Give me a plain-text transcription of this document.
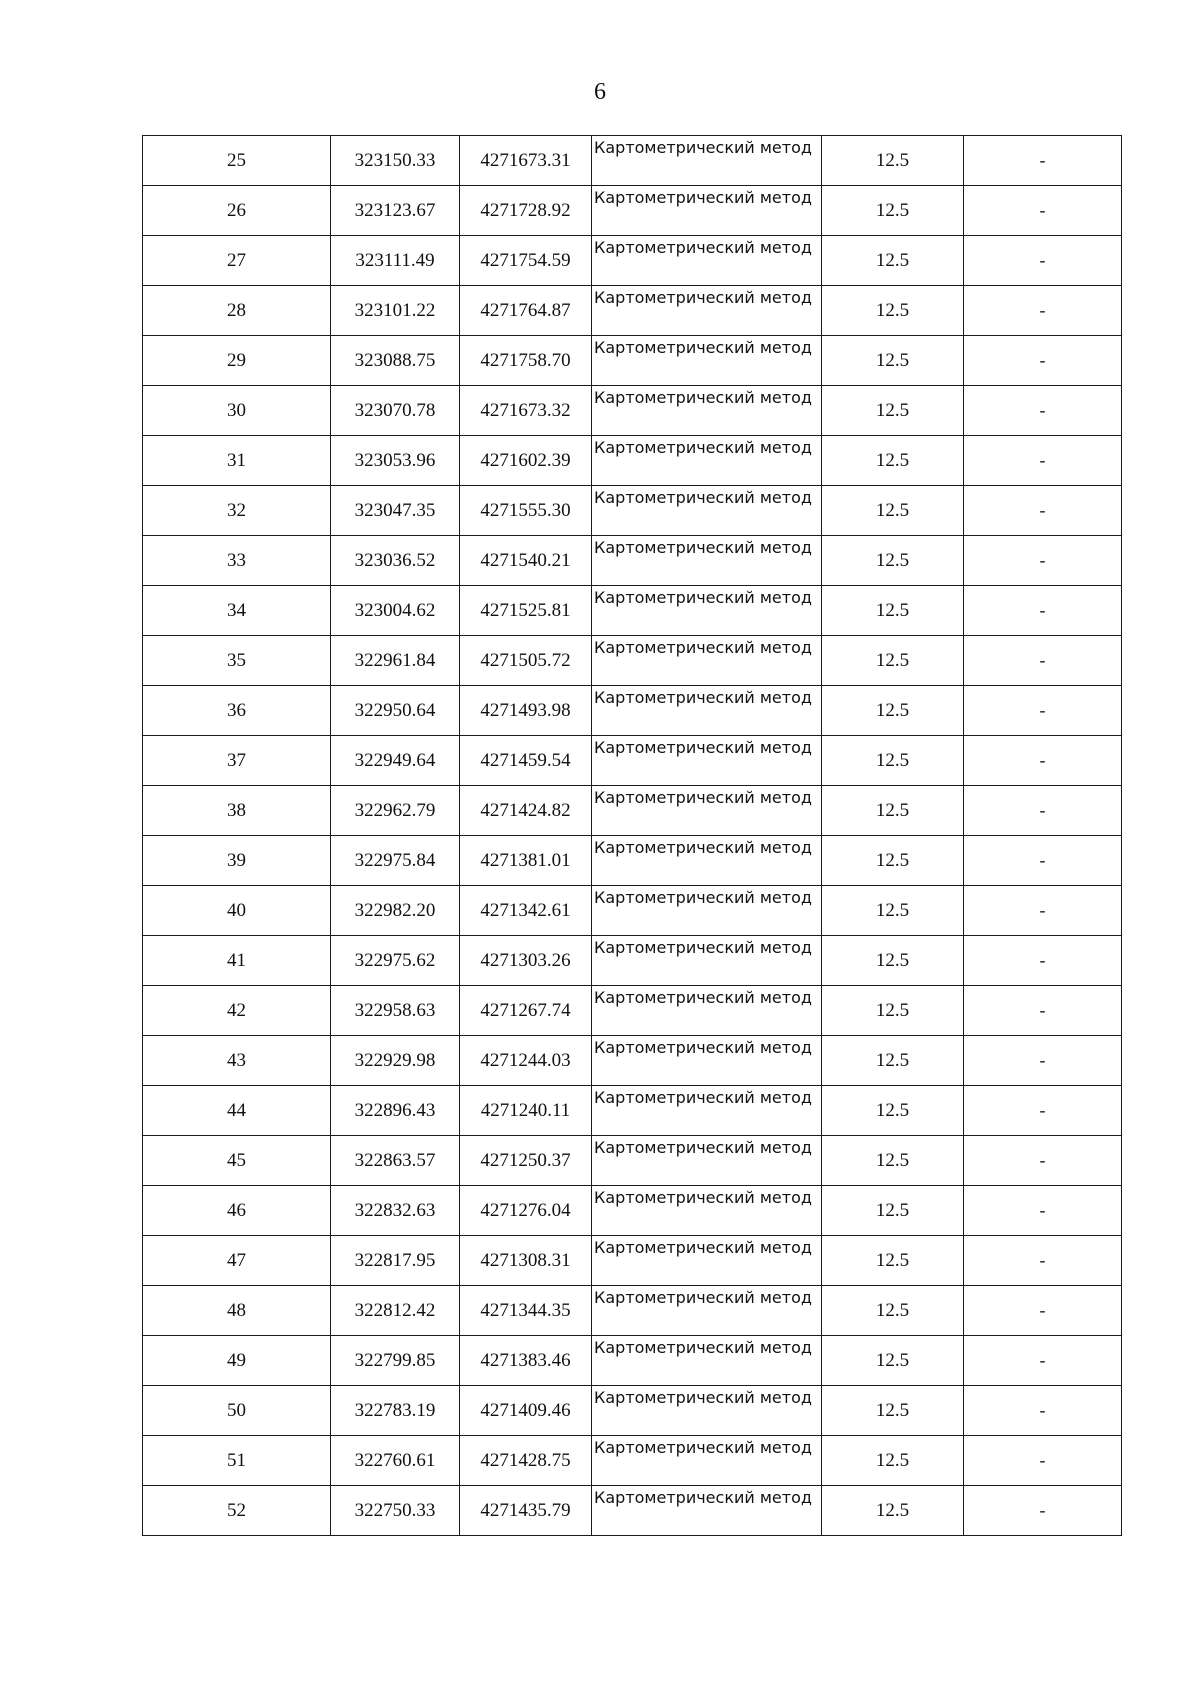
6
25	323150.33	4271673.31	Картометрический метод	12.5	-
26	323123.67	4271728.92	Картометрический метод	12.5	-
27	323111.49	4271754.59	Картометрический метод	12.5	-
28	323101.22	4271764.87	Картометрический метод	12.5	-
29	323088.75	4271758.70	Картометрический метод	12.5	-
30	323070.78	4271673.32	Картометрический метод	12.5	-
31	323053.96	4271602.39	Картометрический метод	12.5	-
32	323047.35	4271555.30	Картометрический метод	12.5	-
33	323036.52	4271540.21	Картометрический метод	12.5	-
34	323004.62	4271525.81	Картометрический метод	12.5	-
35	322961.84	4271505.72	Картометрический метод	12.5	-
36	322950.64	4271493.98	Картометрический метод	12.5	-
37	322949.64	4271459.54	Картометрический метод	12.5	-
38	322962.79	4271424.82	Картометрический метод	12.5	-
39	322975.84	4271381.01	Картометрический метод	12.5	-
40	322982.20	4271342.61	Картометрический метод	12.5	-
41	322975.62	4271303.26	Картометрический метод	12.5	-
42	322958.63	4271267.74	Картометрический метод	12.5	-
43	322929.98	4271244.03	Картометрический метод	12.5	-
44	322896.43	4271240.11	Картометрический метод	12.5	-
45	322863.57	4271250.37	Картометрический метод	12.5	-
46	322832.63	4271276.04	Картометрический метод	12.5	-
47	322817.95	4271308.31	Картометрический метод	12.5	-
48	322812.42	4271344.35	Картометрический метод	12.5	-
49	322799.85	4271383.46	Картометрический метод	12.5	-
50	322783.19	4271409.46	Картометрический метод	12.5	-
51	322760.61	4271428.75	Картометрический метод	12.5	-
52	322750.33	4271435.79	Картометрический метод	12.5	-
